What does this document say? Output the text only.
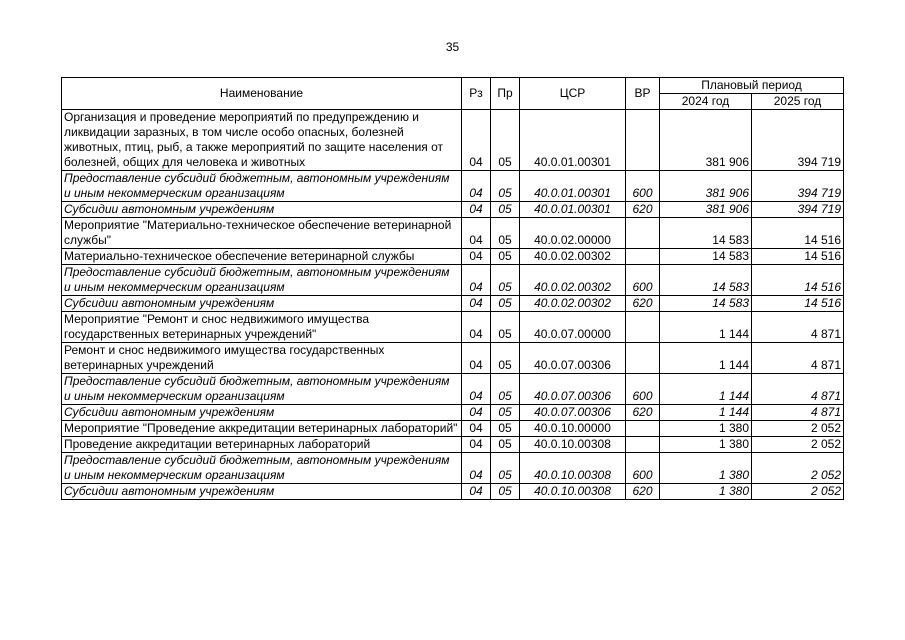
35
Наименование	Рз	Пр	ЦСР	ВР	Плановый период	
					2024 год	2025 год
Организация и проведение мероприятий по предупреждению и ликвидации заразных, в том числе особо опасных, болезней животных, птиц, рыб, а также мероприятий по защите населения от болезней, общих для человека и животных	04	05	40.0.01.00301		381 906	394 719
Предоставление субсидий бюджетным, автономным учреждениям и иным некоммерческим организациям	04	05	40.0.01.00301	600	381 906	394 719
Субсидии автономным учреждениям	04	05	40.0.01.00301	620	381 906	394 719
Мероприятие "Материально-техническое обеспечение ветеринарной службы"	04	05	40.0.02.00000		14 583	14 516
Материально-техническое обеспечение ветеринарной службы	04	05	40.0.02.00302		14 583	14 516
Предоставление субсидий бюджетным, автономным учреждениям и иным некоммерческим организациям	04	05	40.0.02.00302	600	14 583	14 516
Субсидии автономным учреждениям	04	05	40.0.02.00302	620	14 583	14 516
Мероприятие "Ремонт и снос недвижимого имущества государственных ветеринарных учреждений"	04	05	40.0.07.00000		1 144	4 871
Ремонт и снос недвижимого имущества государственных ветеринарных учреждений	04	05	40.0.07.00306		1 144	4 871
Предоставление субсидий бюджетным, автономным учреждениям и иным некоммерческим организациям	04	05	40.0.07.00306	600	1 144	4 871
Субсидии автономным учреждениям	04	05	40.0.07.00306	620	1 144	4 871
Мероприятие "Проведение аккредитации ветеринарных лабораторий"	04	05	40.0.10.00000		1 380	2 052
Проведение аккредитации ветеринарных лабораторий	04	05	40.0.10.00308		1 380	2 052
Предоставление субсидий бюджетным, автономным учреждениям и иным некоммерческим организациям	04	05	40.0.10.00308	600	1 380	2 052
Субсидии автономным учреждениям	04	05	40.0.10.00308	620	1 380	2 052
